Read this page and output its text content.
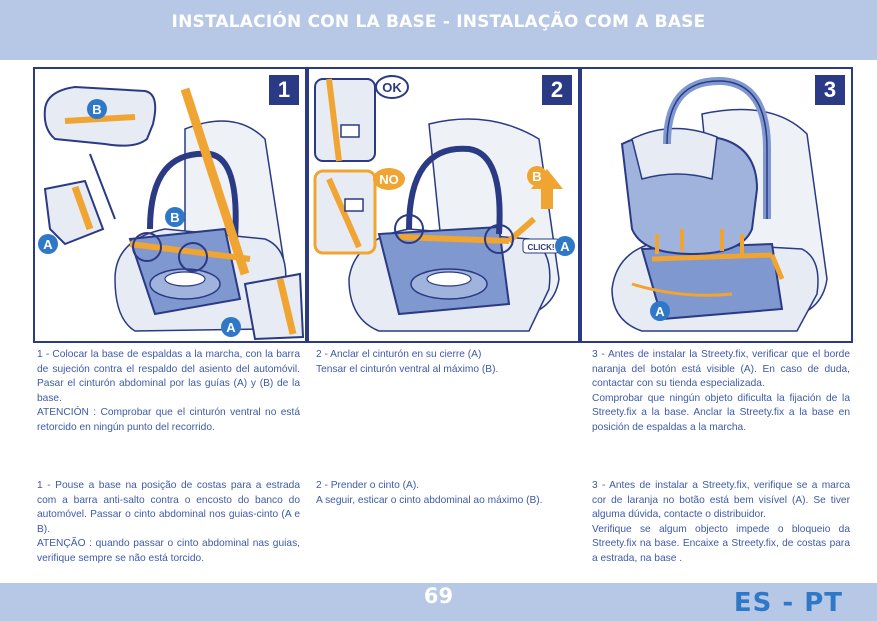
INSTALACIÓN CON LA BASE - INSTALAÇÃO COM A BASE
B
B
A
A
1	OK
NO	B
CLICK! A
2
A
3

1 - Colocar la base de espaldas a la marcha, con la barra de sujeción contra el respaldo del asiento del automóvil. Pasar el cinturón abdominal por las guías (A) y (B) de la base.

ATENCIÓN : Comprobar que el cinturón ventral no está retorcido en ningún punto del recorrido.

2 - Anclar el cinturón en su cierre (A)

Tensar el cinturón ventral al máximo (B).

3 - Antes de instalar la Streety.fix, verificar que el borde naranja del botón está visible (A). En caso de duda, contactar con su tienda especializada.

Comprobar que ningún objeto dificulta la fijación de la Streety.fix a la base. Anclar la Streety.fix a la base en posición de espaldas a la marcha.

1 - Pouse a base na posição de costas para a estrada com a barra anti-salto contra o encosto do banco do automóvel. Passar o cinto abdominal nos guias-cinto (A e B).

ATENÇÃO : quando passar o cinto abdominal nas guias, verifique sempre se não está torcido.

2 - Prender o cinto (A).

A seguir, esticar o cinto abdominal ao máximo (B).

3 - Antes de instalar a Streety.fix, verifique se a marca cor de laranja no botão está bem visível (A). Se tiver alguma dúvida, contacte o distribuidor.

Verifique se algum objecto impede o bloqueio da Streety.fix na base. Encaixe a Streety.fix, de costas para a estrada, na base .

69	ES - PT
